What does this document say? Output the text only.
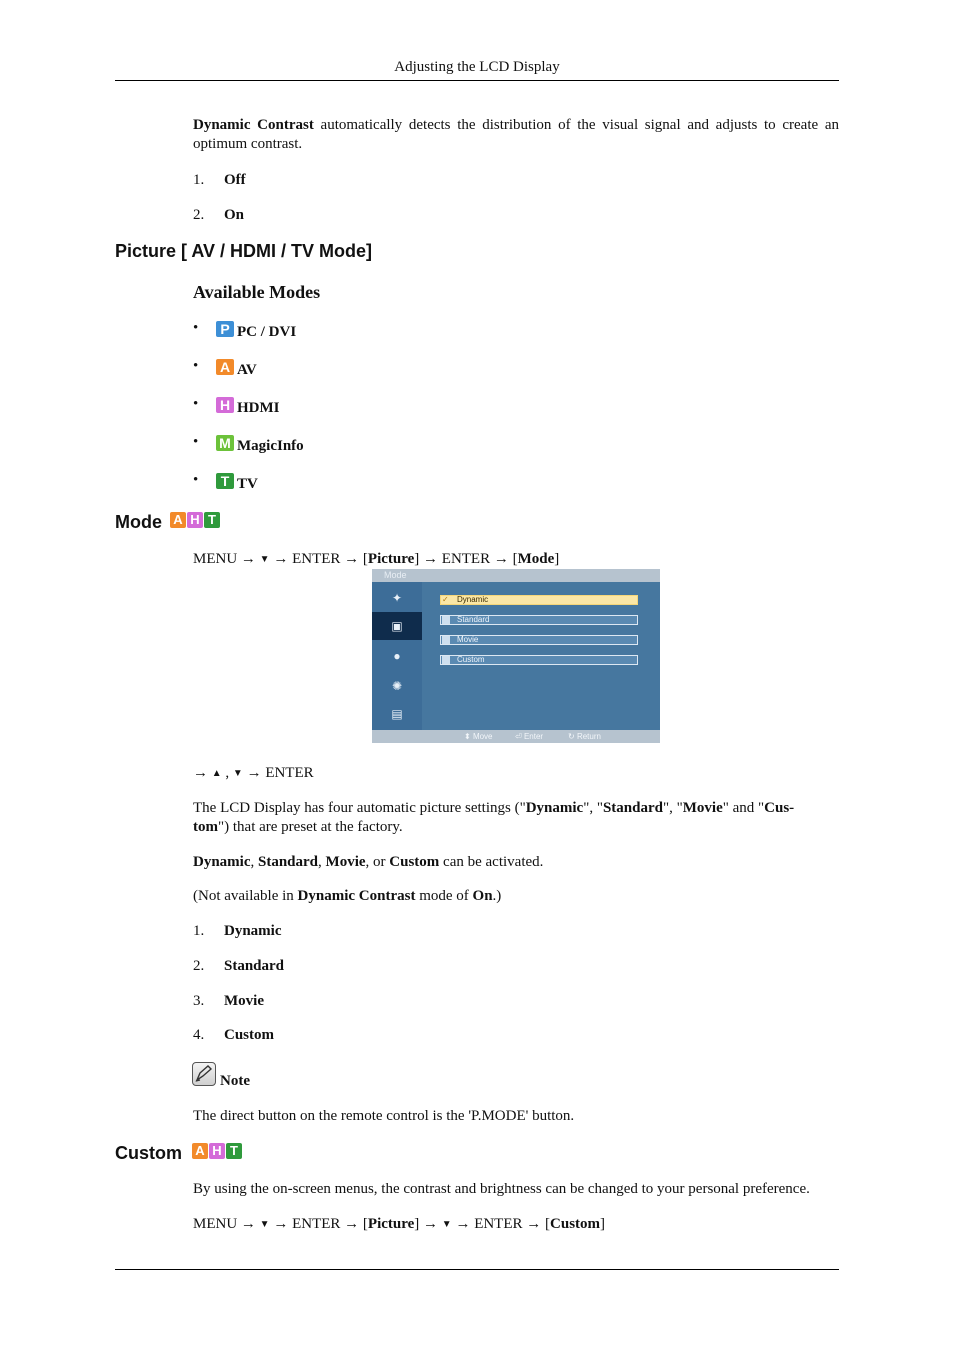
Adjusting the LCD Display
Dynamic Contrast automatically detects the distribution of the visual signal and adjusts to create an optimum contrast.
1.	Off
2.	On
Picture [ AV / HDMI / TV Mode]
Available Modes
•	P PC / DVI
• A AV
• H HDMI
• M MagicInfo
•	T TV
Mode A H T
MENU → ▼ → ENTER → [Picture] → ENTER → [Mode]
Mode
✦
▣
●
✺
▤
✓ Dynamic
Standard
Movie
Custom
⬍ Move	⏎ Enter	↻ Return
→ ▲ , ▼ → ENTER
The LCD Display has four automatic picture settings ("Dynamic", "Standard", "Movie" and "Cus-
tom") that are preset at the factory.
Dynamic, Standard, Movie, or Custom can be activated.
(Not available in Dynamic Contrast mode of On.)
1.	Dynamic
2.	Standard
3.	Movie
4.	Custom
Note
The direct button on the remote control is the 'P.MODE' button.
Custom A H T
By using the on-screen menus, the contrast and brightness can be changed to your personal preference.
MENU → ▼ → ENTER → [Picture] → ▼ → ENTER → [Custom]
